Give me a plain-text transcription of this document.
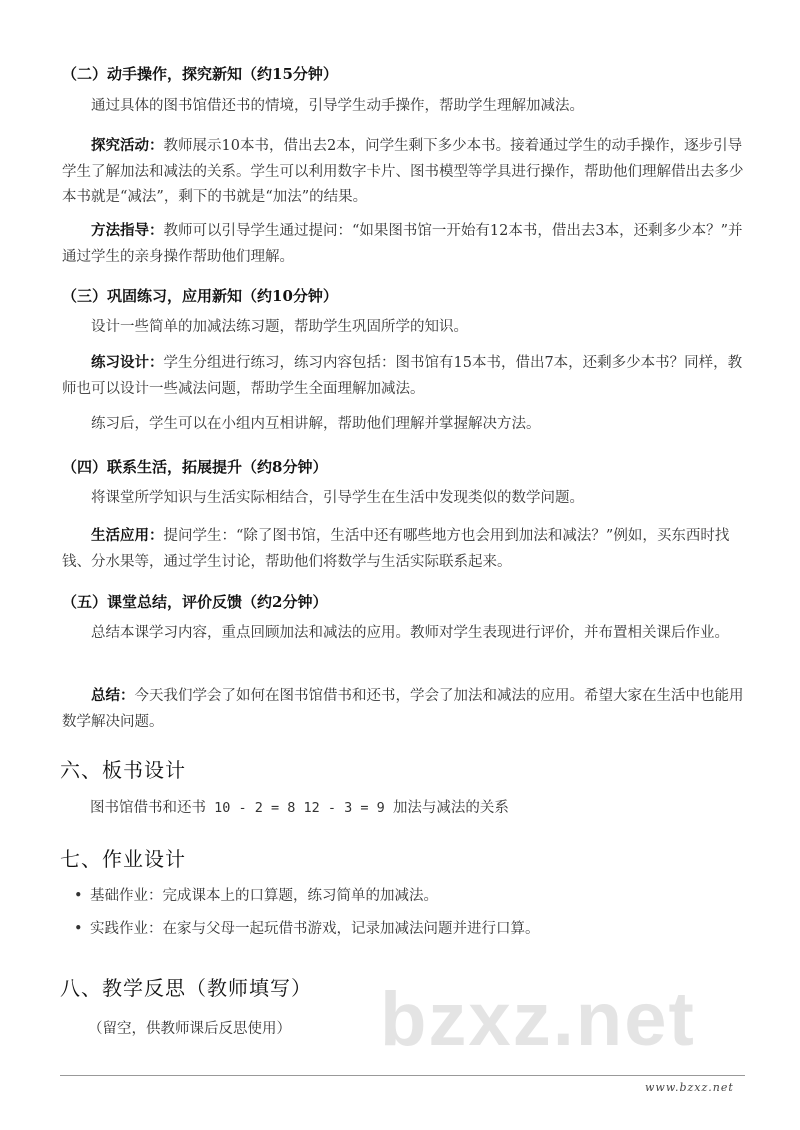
（二）动手操作，探究新知（约15分钟）
通过具体的图书馆借还书的情境，引导学生动手操作，帮助学生理解加减法。
探究活动：教师展示10本书，借出去2本，问学生剩下多少本书。接着通过学生的动手操作，逐步引导学生了解加法和减法的关系。学生可以利用数字卡片、图书模型等学具进行操作，帮助他们理解借出去多少本书就是“减法”，剩下的书就是“加法”的结果。
方法指导：教师可以引导学生通过提问：“如果图书馆一开始有12本书，借出去3本，还剩多少本？”并通过学生的亲身操作帮助他们理解。
（三）巩固练习，应用新知（约10分钟）
设计一些简单的加减法练习题，帮助学生巩固所学的知识。
练习设计：学生分组进行练习，练习内容包括：图书馆有15本书，借出7本，还剩多少本书？同样，教师也可以设计一些减法问题，帮助学生全面理解加减法。
练习后，学生可以在小组内互相讲解，帮助他们理解并掌握解决方法。
（四）联系生活，拓展提升（约8分钟）
将课堂所学知识与生活实际相结合，引导学生在生活中发现类似的数学问题。
生活应用：提问学生：“除了图书馆，生活中还有哪些地方也会用到加法和减法？”例如，买东西时找钱、分水果等，通过学生讨论，帮助他们将数学与生活实际联系起来。
（五）课堂总结，评价反馈（约2分钟）
总结本课学习内容，重点回顾加法和减法的应用。教师对学生表现进行评价，并布置相关课后作业。
总结：今天我们学会了如何在图书馆借书和还书，学会了加法和减法的应用。希望大家在生活中也能用数学解决问题。
六、板书设计
图书馆借书和还书 10 - 2 = 8 12 - 3 = 9 加法与减法的关系
七、作业设计
• 基础作业：完成课本上的口算题，练习简单的加减法。
• 实践作业：在家与父母一起玩借书游戏，记录加减法问题并进行口算。
八、教学反思（教师填写）
（留空，供教师课后反思使用） bzxz.net
www.bzxz.net
